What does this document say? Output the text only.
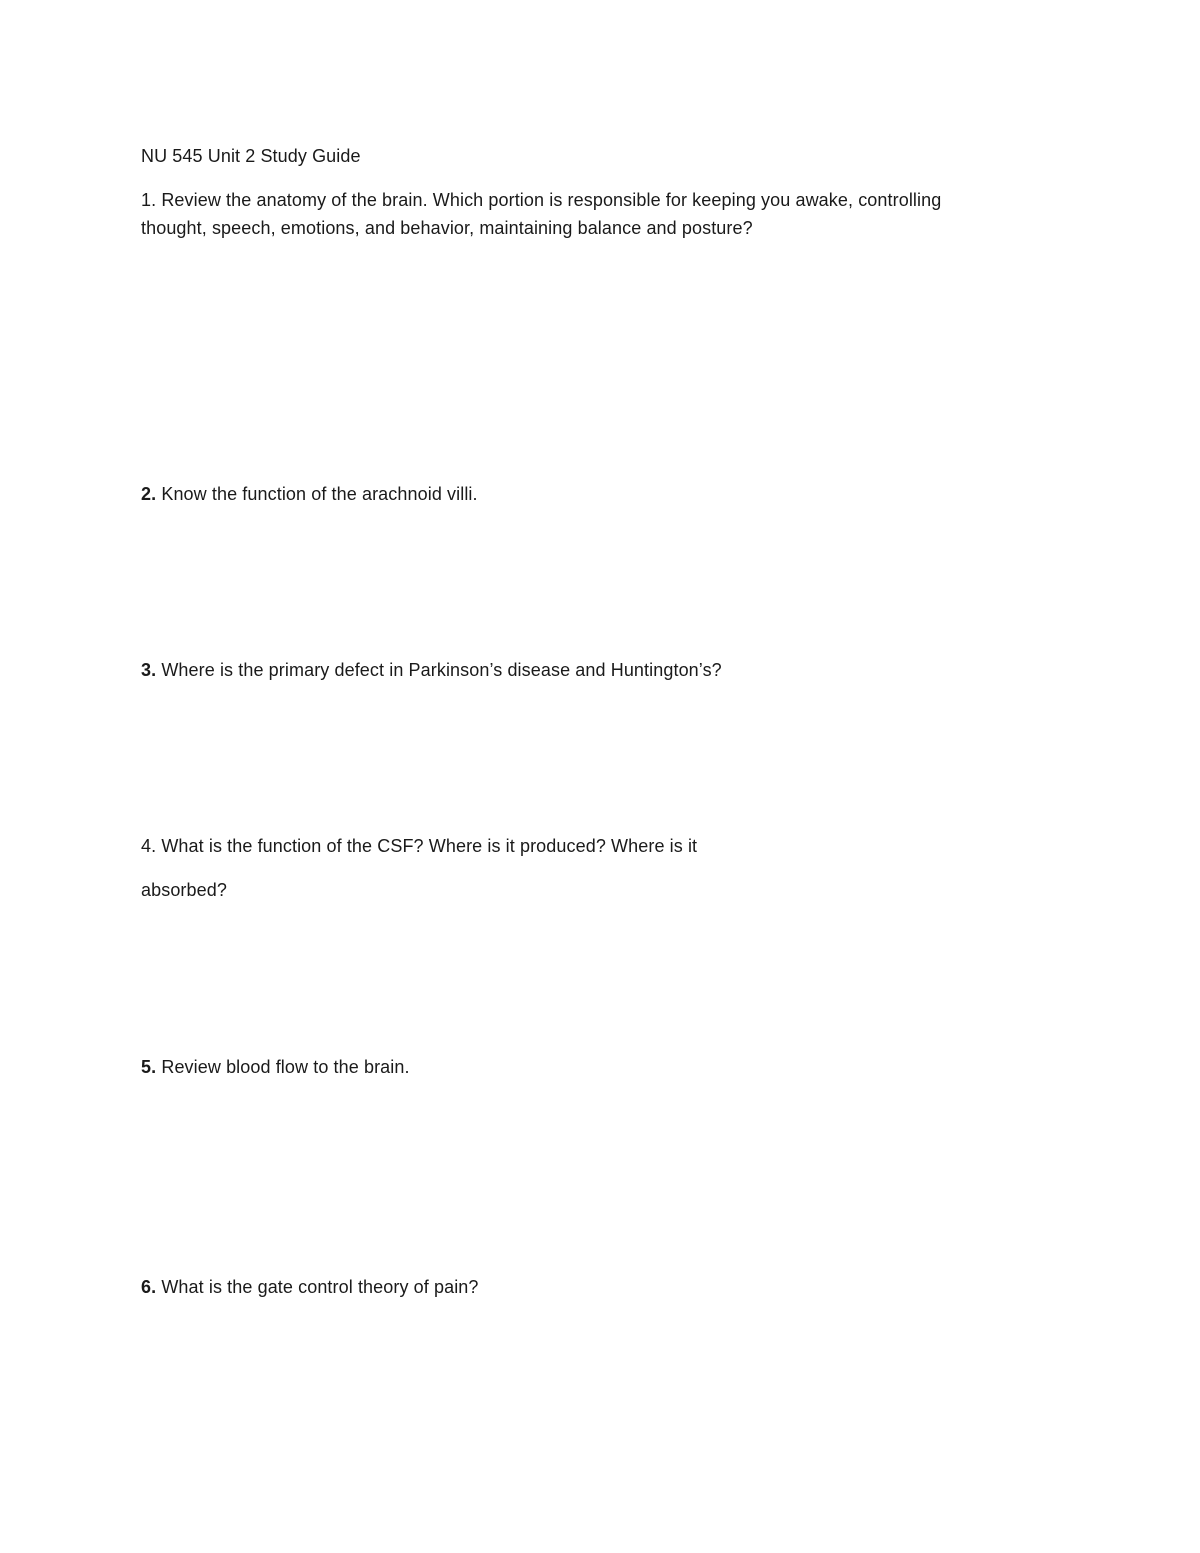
NU 545 Unit 2 Study Guide
1. Review the anatomy of the brain. Which portion is responsible for keeping you awake, controlling
thought, speech, emotions, and behavior, maintaining balance and posture?
2. Know the function of the arachnoid villi.
3. Where is the primary defect in Parkinson’s disease and Huntington’s?
4. What is the function of the CSF? Where is it produced? Where is it
absorbed?
5. Review blood flow to the brain.
6. What is the gate control theory of pain?
